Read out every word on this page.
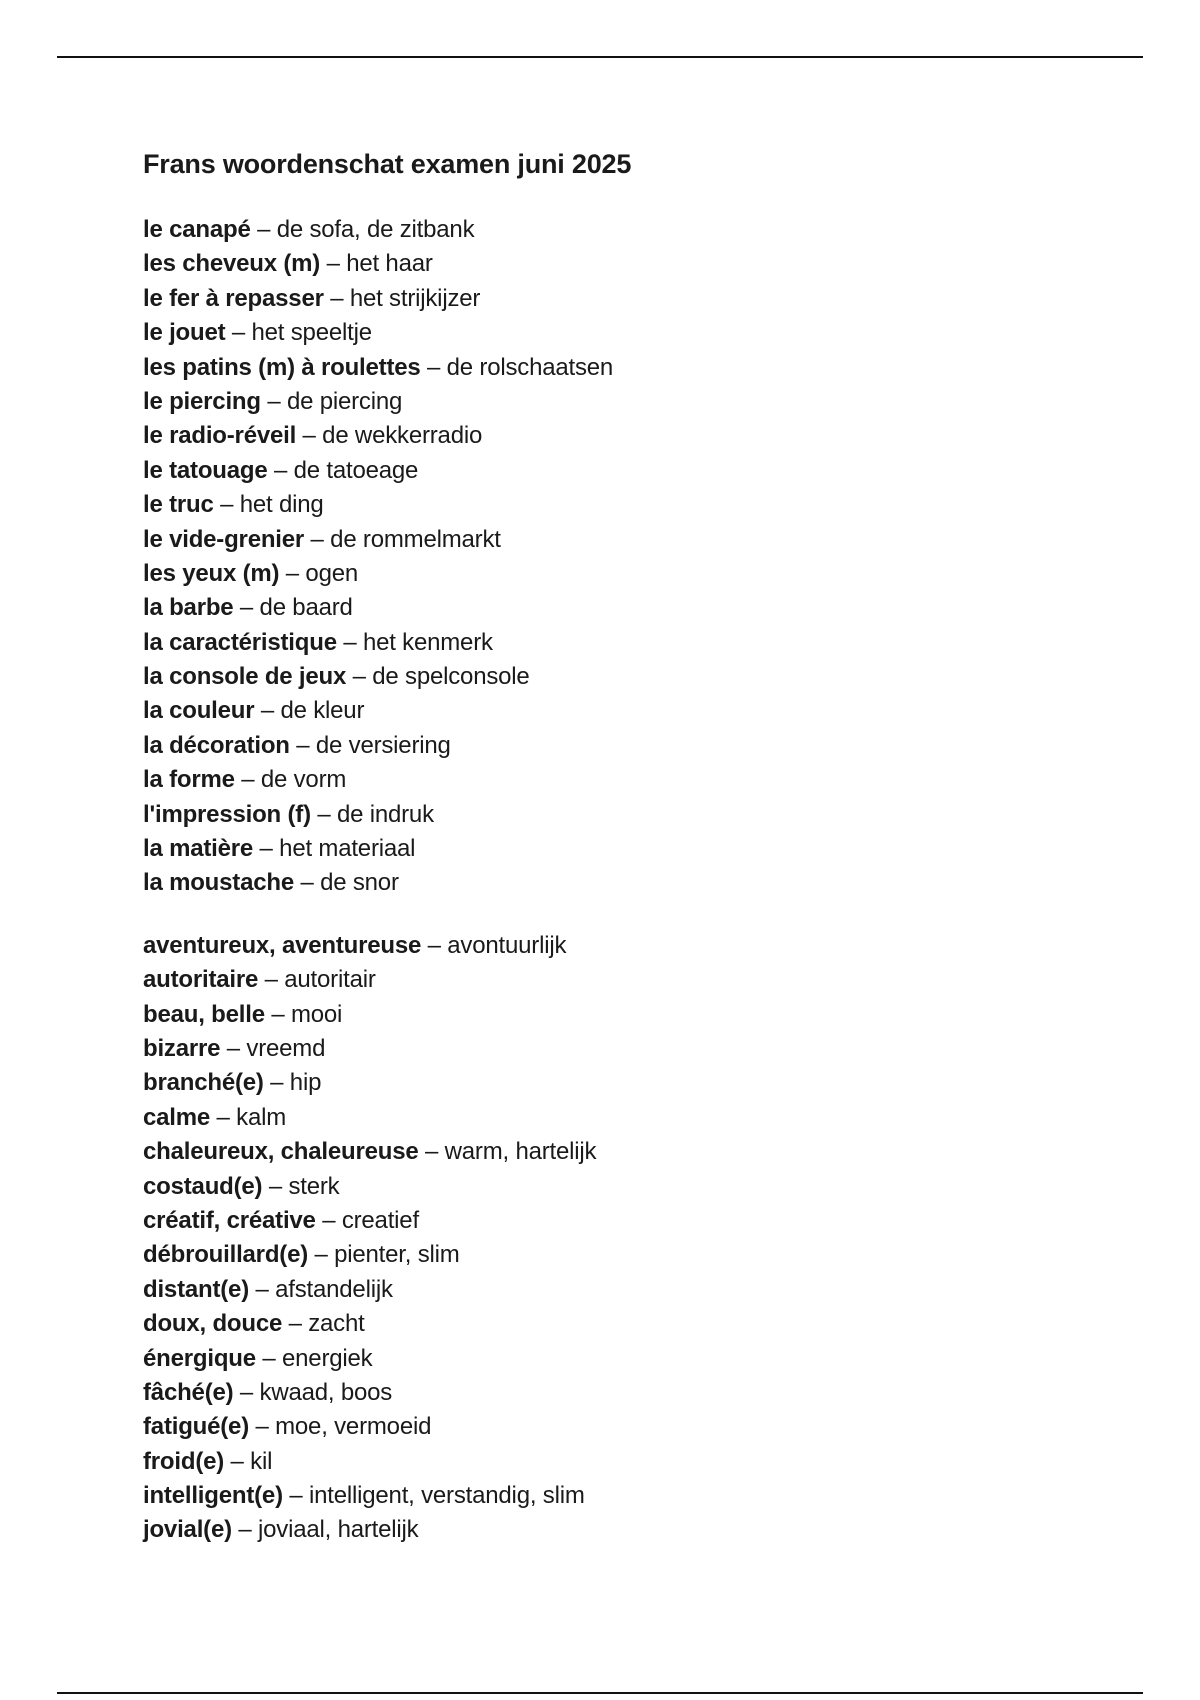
Frans woordenschat examen juni 2025
le canapé – de sofa, de zitbank
les cheveux (m) – het haar
le fer à repasser – het strijkijzer
le jouet – het speeltje
les patins (m) à roulettes – de rolschaatsen
le piercing – de piercing
le radio-réveil – de wekkerradio
le tatouage – de tatoeage
le truc – het ding
le vide-grenier – de rommelmarkt
les yeux (m) – ogen
la barbe – de baard
la caractéristique – het kenmerk
la console de jeux – de spelconsole
la couleur – de kleur
la décoration – de versiering
la forme – de vorm
l'impression (f) – de indruk
la matière – het materiaal
la moustache – de snor
aventureux, aventureuse – avontuurlijk
autoritaire – autoritair
beau, belle – mooi
bizarre – vreemd
branché(e) – hip
calme – kalm
chaleureux, chaleureuse – warm, hartelijk
costaud(e) – sterk
créatif, créative – creatief
débrouillard(e) – pienter, slim
distant(e) – afstandelijk
doux, douce – zacht
énergique – energiek
fâché(e) – kwaad, boos
fatigué(e) – moe, vermoeid
froid(e) – kil
intelligent(e) – intelligent, verstandig, slim
jovial(e) – joviaal, hartelijk
